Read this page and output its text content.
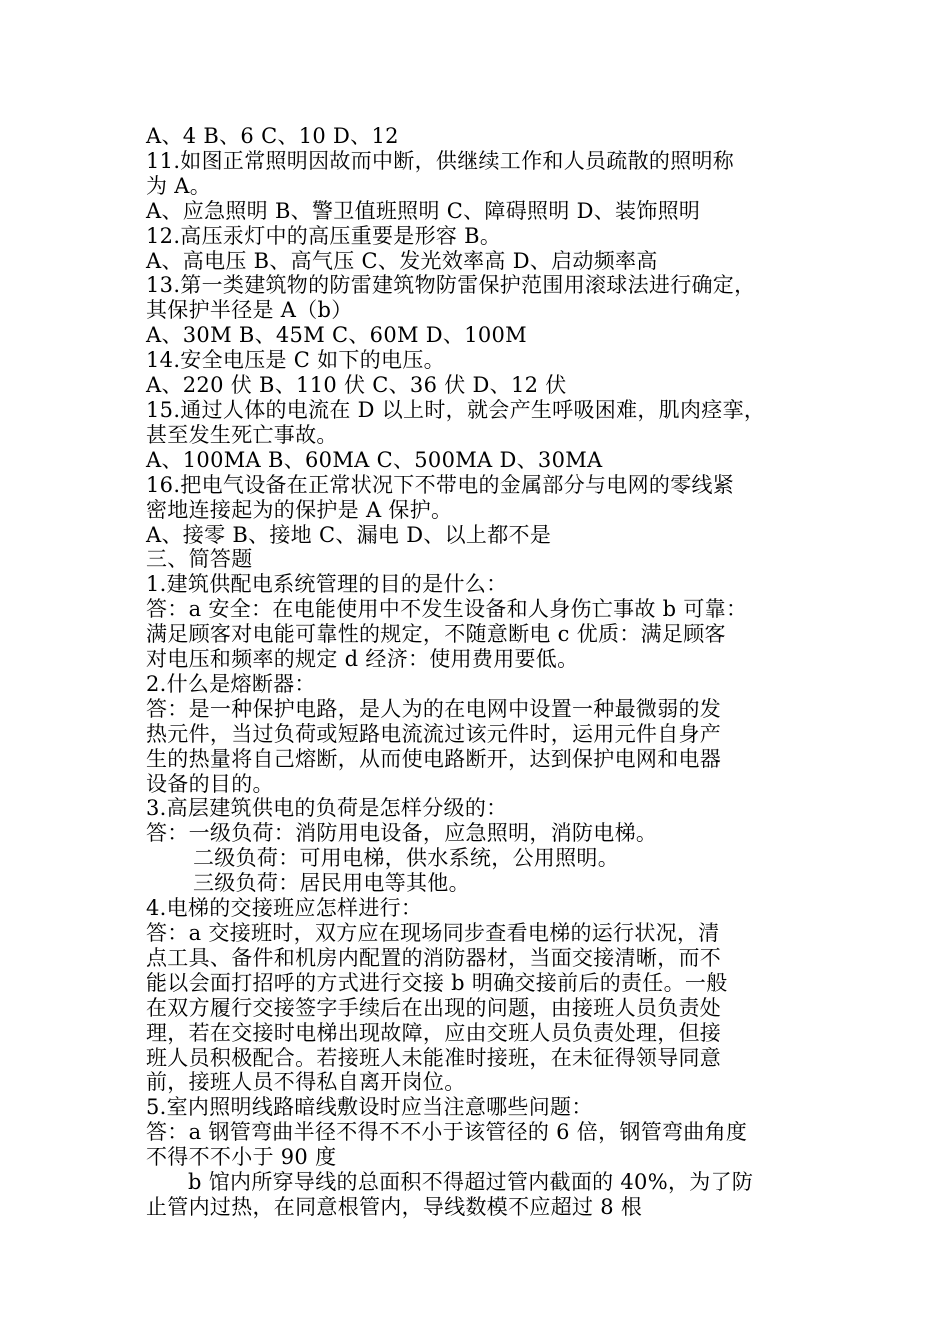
A、4 B、6 C、10 D、12

11.如图正常照明因故而中断，供继续工作和人员疏散的照明称

为 A。

A、应急照明 B、警卫值班照明 C、障碍照明 D、装饰照明

12.高压汞灯中的高压重要是形容 B。

A、高电压 B、高气压 C、发光效率高 D、启动频率高

13.第一类建筑物的防雷建筑物防雷保护范围用滚球法进行确定，

其保护半径是 A（b）

A、30M B、45M C、60M D、100M

14.安全电压是 C 如下的电压。

A、220 伏 B、110 伏 C、36 伏 D、12 伏

15.通过人体的电流在 D 以上时，就会产生呼吸困难，肌肉痉挛，

甚至发生死亡事故。

A、100MA B、60MA C、500MA D、30MA

16.把电气设备在正常状况下不带电的金属部分与电网的零线紧

密地连接起为的保护是 A 保护。

A、接零 B、接地 C、漏电 D、以上都不是

三、简答题

1.建筑供配电系统管理的目的是什么：

答：a 安全：在电能使用中不发生设备和人身伤亡事故 b 可靠：

满足顾客对电能可靠性的规定，不随意断电 c 优质：满足顾客

对电压和频率的规定 d 经济：使用费用要低。

2.什么是熔断器：

答：是一种保护电路，是人为的在电网中设置一种最微弱的发

热元件，当过负荷或短路电流流过该元件时，运用元件自身产

生的热量将自己熔断，从而使电路断开，达到保护电网和电器

设备的目的。

3.高层建筑供电的负荷是怎样分级的：

答：一级负荷：消防用电设备，应急照明，消防电梯。

二级负荷：可用电梯，供水系统，公用照明。

三级负荷：居民用电等其他。

4.电梯的交接班应怎样进行：

答：a 交接班时，双方应在现场同步查看电梯的运行状况，清

点工具、备件和机房内配置的消防器材，当面交接清晰，而不

能以会面打招呼的方式进行交接 b 明确交接前后的责任。一般

在双方履行交接签字手续后在出现的问题，由接班人员负责处

理，若在交接时电梯出现故障，应由交班人员负责处理，但接

班人员积极配合。若接班人未能准时接班，在未征得领导同意

前，接班人员不得私自离开岗位。

5.室内照明线路暗线敷设时应当注意哪些问题：

答：a 钢管弯曲半径不得不不小于该管径的 6 倍，钢管弯曲角度

不得不不小于 90 度

b 馆内所穿导线的总面积不得超过管内截面的 40%，为了防

止管内过热，在同意根管内，导线数模不应超过 8 根
